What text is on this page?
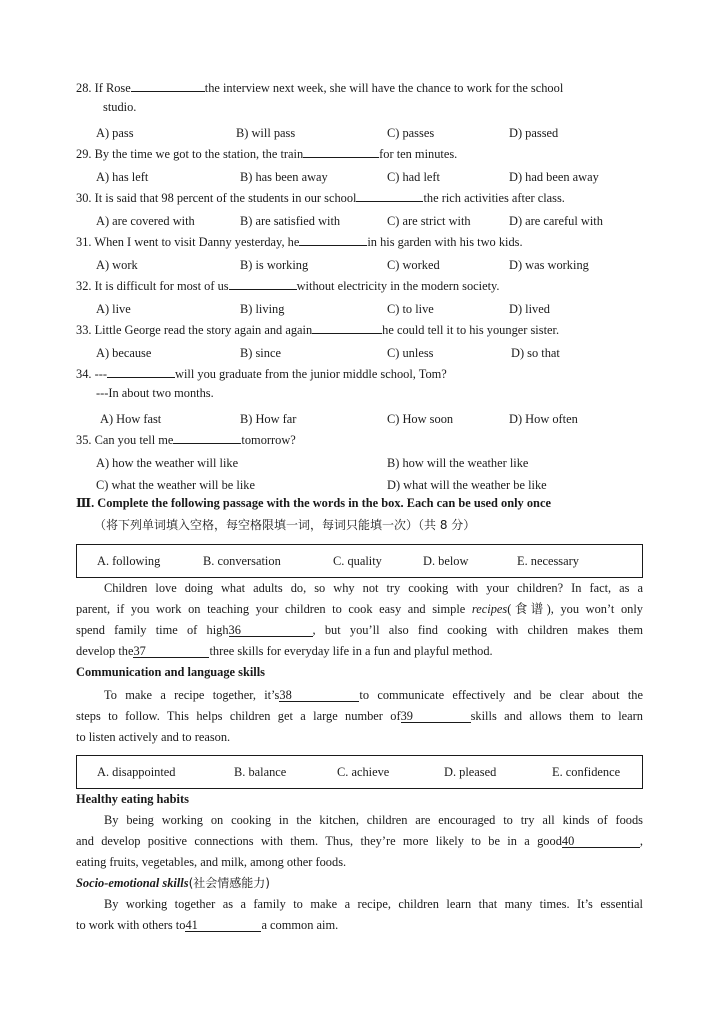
28. If Rose	the interview next week, she will have the chance to work for the school
studio.
A) pass	B) will pass	C) passes	D) passed
29. By the time we got to the station, the train	for ten minutes.
A) has left	B) has been away	C) had left	D) had been away
30. It is said that 98 percent of the students in our school	the rich activities after class.
A) are covered with	B) are satisfied with	C) are strict with	D) are careful with
31. When I went to visit Danny yesterday, he	in his garden with his two kids.
A) work	B) is working	C) worked	D) was working
32. It is difficult for most of us	without electricity in the modern society.
A) live	B) living	C) to live	D) lived
33. Little George read the story again and again	he could tell it to his younger sister.
A) because	B) since	C) unless	D) so that
34. ---	will you graduate from the junior middle school, Tom?
---In about two months.
A) How fast	B) How far	C) How soon	D) How often
35. Can you tell me	tomorrow?
A) how the weather will like	B) how will the weather like
C) what the weather will be like	D) what will the weather be like
Ⅲ. Complete the following passage with the words in the box. Each can be used only once
（将下列单词填入空格，每空格限填一词，每词只能填一次）（共 8 分）
A. following	B. conversation	C. quality	D. below	E. necessary
Children love doing what adults do, so why not try cooking with your children? In fact, as a
parent, if you work on teaching your children to cook easy and simple recipes(食谱), you won’t only
spend family time of high36	, but you’ll also find cooking with children makes them
develop the37	three skills for everyday life in a fun and playful method.
Communication and language skills
To make a recipe together, it’s38	to communicate effectively and be clear about the
steps to follow. This helps children get a large number of39	skills and allows them to learn
to listen actively and to reason.
A. disappointed	B. balance	C. achieve	D. pleased	E. confidence
Healthy eating habits
By being working on cooking in the kitchen, children are encouraged to try all kinds of foods
and develop positive connections with them. Thus, they’re more likely to be in a good40	,
eating fruits, vegetables, and milk, among other foods.
Socio-emotional skills(社会情感能力)
By working together as a family to make a recipe, children learn that many times. It’s essential
to work with others to41	a common aim.
